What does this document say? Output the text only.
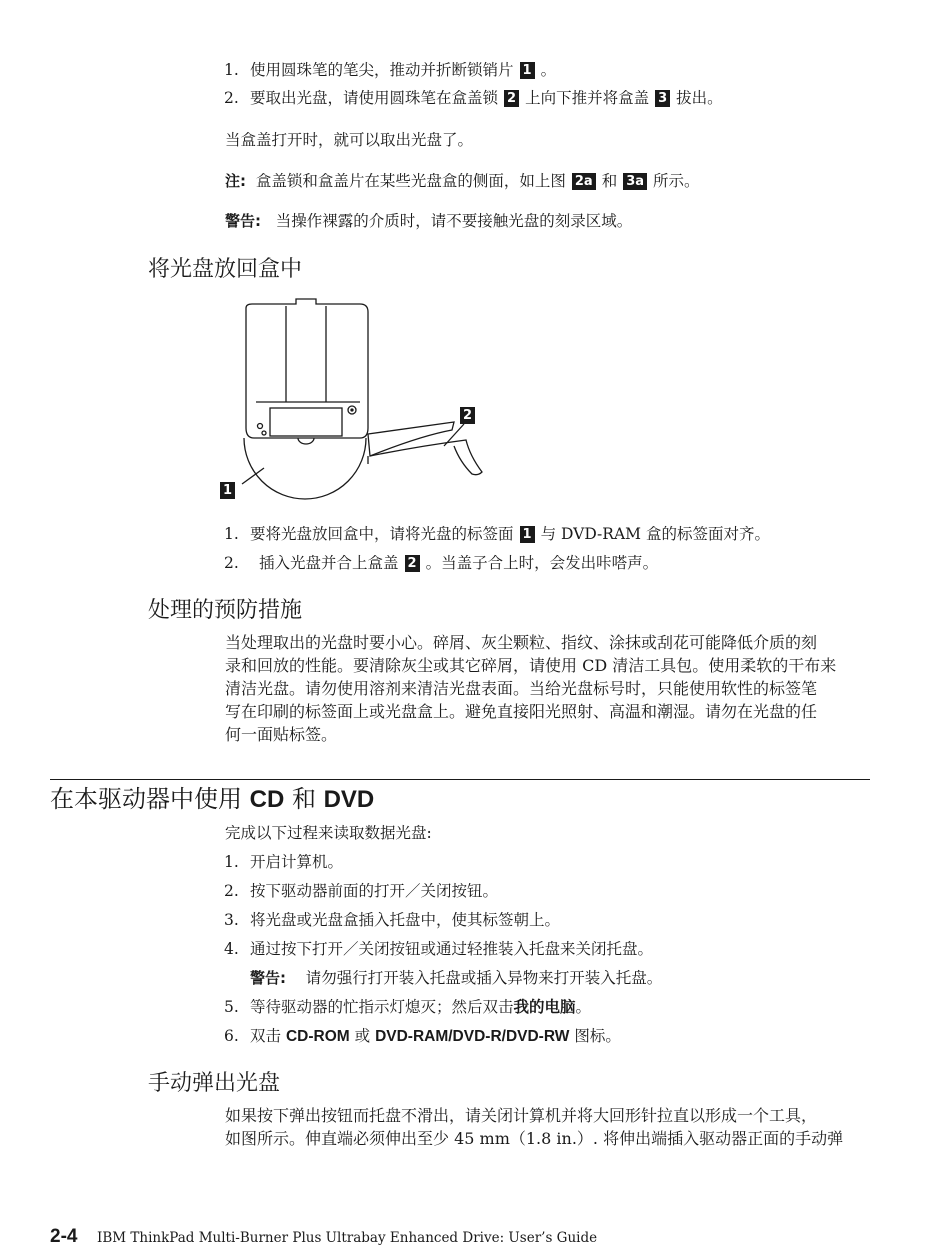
1. 使用圆珠笔的笔尖，推动并折断锁销片 1 。
2. 要取出光盘，请使用圆珠笔在盒盖锁 2 上向下推并将盒盖 3 拔出。
当盒盖打开时，就可以取出光盘了。
注: 盒盖锁和盒盖片在某些光盘盒的侧面，如上图 2a 和 3a 所示。
警告: 当操作裸露的介质时，请不要接触光盘的刻录区域。
将光盘放回盒中
2
1
1. 要将光盘放回盒中，请将光盘的标签面 1 与 DVD-RAM 盒的标签面对齐。
2. 插入光盘并合上盒盖 2 。当盖子合上时，会发出咔嗒声。
处理的预防措施
当处理取出的光盘时要小心。碎屑、灰尘颗粒、指纹、涂抹或刮花可能降低介质的刻
录和回放的性能。要清除灰尘或其它碎屑，请使用 CD 清洁工具包。使用柔软的干布来
清洁光盘。请勿使用溶剂来清洁光盘表面。当给光盘标号时，只能使用软性的标签笔
写在印刷的标签面上或光盘盒上。避免直接阳光照射、高温和潮湿。请勿在光盘的任
何一面贴标签。
在本驱动器中使用 CD 和 DVD
完成以下过程来读取数据光盘:
1. 开启计算机。
2. 按下驱动器前面的打开／关闭按钮。
3. 将光盘或光盘盒插入托盘中，使其标签朝上。
4. 通过按下打开／关闭按钮或通过轻推装入托盘来关闭托盘。
警告: 请勿强行打开装入托盘或插入异物来打开装入托盘。
5. 等待驱动器的忙指示灯熄灭；然后双击我的电脑。
6. 双击 CD-ROM 或 DVD-RAM/DVD-R/DVD-RW 图标。
手动弹出光盘
如果按下弹出按钮而托盘不滑出，请关闭计算机并将大回形针拉直以形成一个工具，
如图所示。伸直端必须伸出至少 45 mm（1.8 in.）. 将伸出端插入驱动器正面的手动弹
2-4 IBM ThinkPad Multi-Burner Plus Ultrabay Enhanced Drive: User’s Guide
